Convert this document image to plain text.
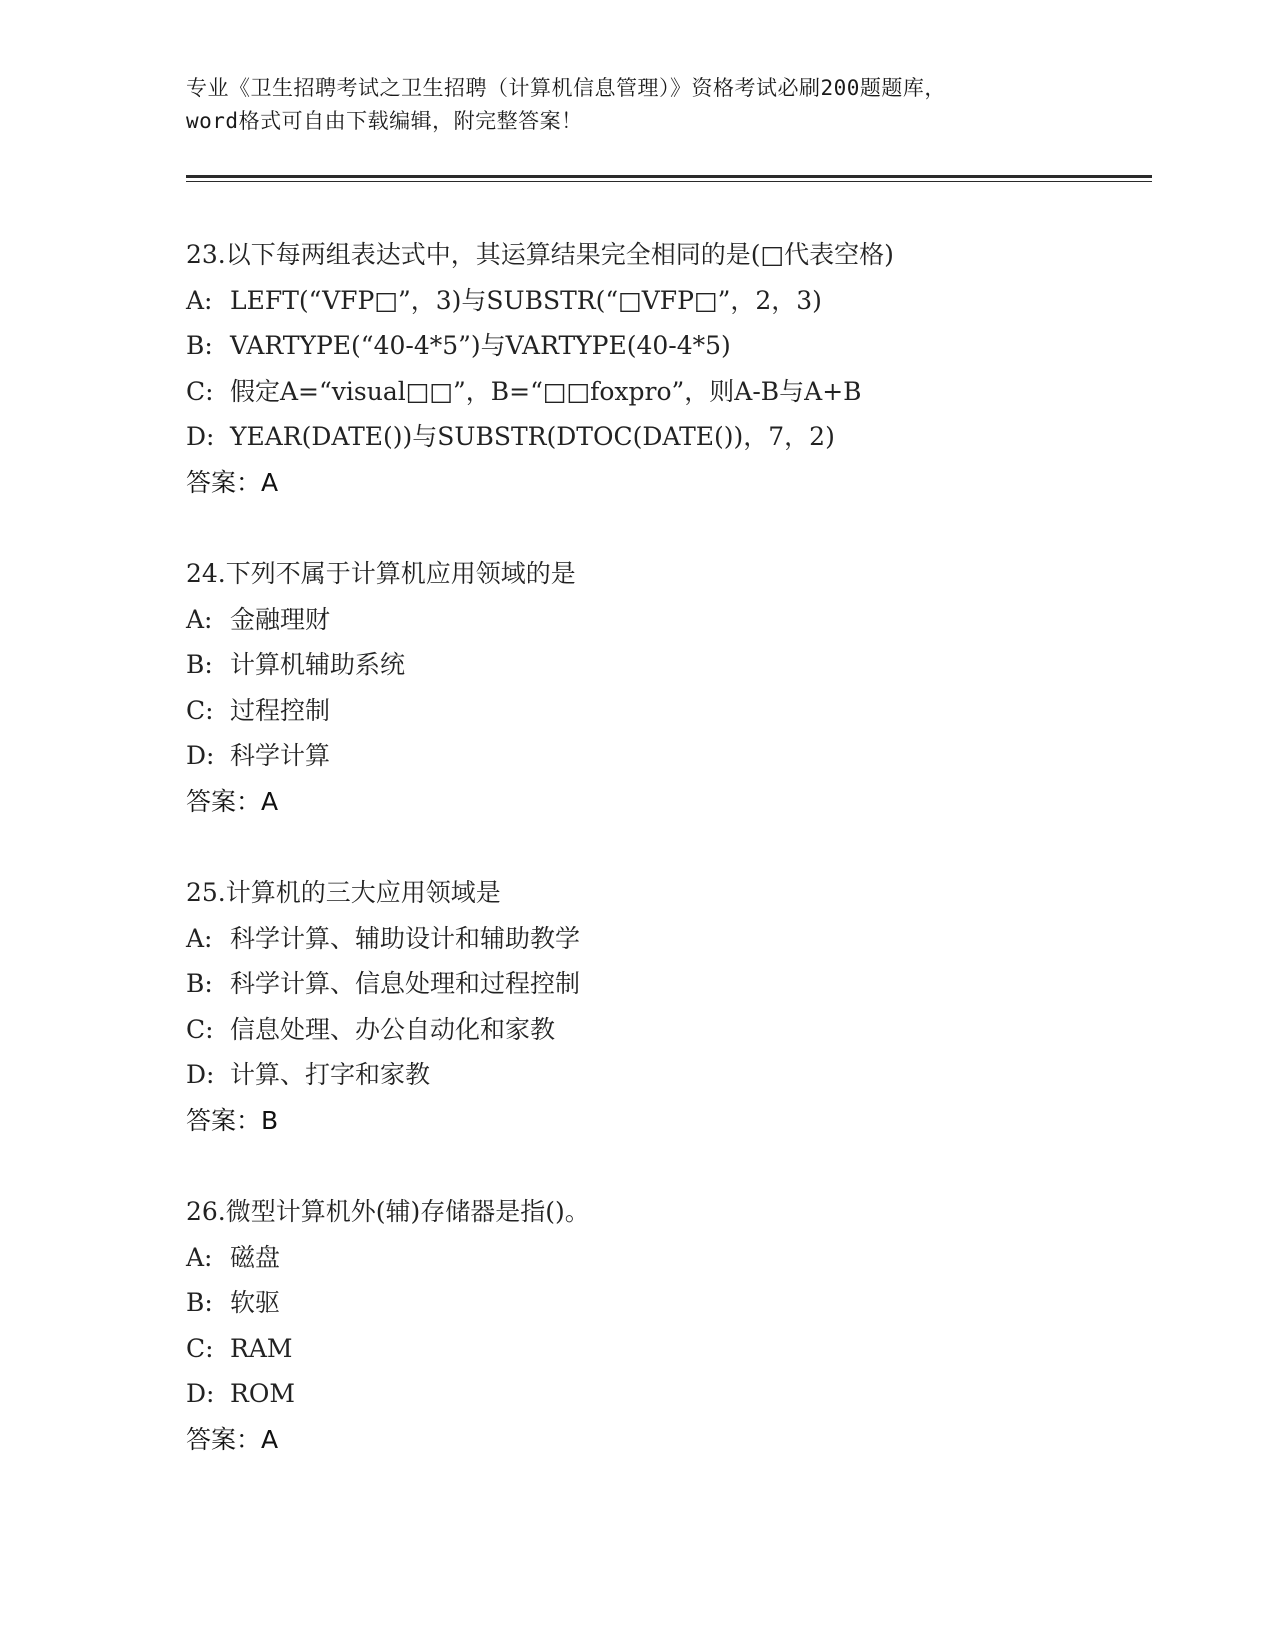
专业《卫生招聘考试之卫生招聘（计算机信息管理）》资格考试必刷200题题库，

word格式可自由下载编辑，附完整答案！

23.以下每两组表达式中，其运算结果完全相同的是(□代表空格)

A: LEFT(“VFP□”，3)与SUBSTR(“□VFP□”，2，3)

B: VARTYPE(“40-4*5”)与VARTYPE(40-4*5)

C: 假定A=“visual□□”，B=“□□foxpro”，则A-B与A+B

D: YEAR(DATE())与SUBSTR(DTOC(DATE())，7，2)

答案：A

24.下列不属于计算机应用领域的是

A: 金融理财

B: 计算机辅助系统

C: 过程控制

D: 科学计算

答案：A

25.计算机的三大应用领域是

A: 科学计算、辅助设计和辅助教学

B: 科学计算、信息处理和过程控制

C: 信息处理、办公自动化和家教

D: 计算、打字和家教

答案：B

26.微型计算机外(辅)存储器是指()。

A: 磁盘

B: 软驱

C: RAM

D: ROM

答案：A
